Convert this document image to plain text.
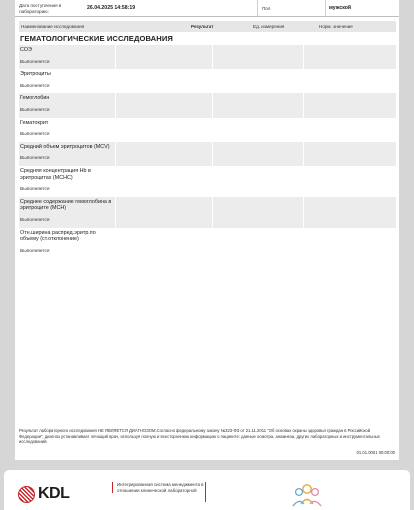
Дата поступления в лабораторию:	26.04.2025 14:58:19	Пол	мужской
Наименование исследования	Результат	Ед. измерения	Норм. значение
ГЕМАТОЛОГИЧЕСКИЕ ИССЛЕДОВАНИЯ
СОЭ
Выполняется
Эритроциты
Выполняется
Гемоглобин
Выполняется
Гематокрит
Выполняется
Средний объем эритроцитов (MCV)
Выполняется
Средняя концентрация Hb в эритроцитах (MCHC)
Выполняется
Среднее содержание гемоглобина в эритроците (MCH)
Выполняется
Отн.ширина распред.эритр.по объему (ст.отклонение)
Выполняется
Результат лабораторного исследования НЕ ЯВЛЯЕТСЯ ДИАГНОЗОМ.Согласно федеральному закону №323-ФЗ от 21.11.2011 "Об основах охраны здоровья граждан в Российской Федерации", диагноз устанавливает лечащий врач, используя полную и всестороннюю информацию о пациенте: данные осмотра, анамнеза, других лабораторных и инструментальных исследований.
01.01.0001 00:00:00
KDL
Интегрированная система менеджмента в отношении клинической лабораторной
